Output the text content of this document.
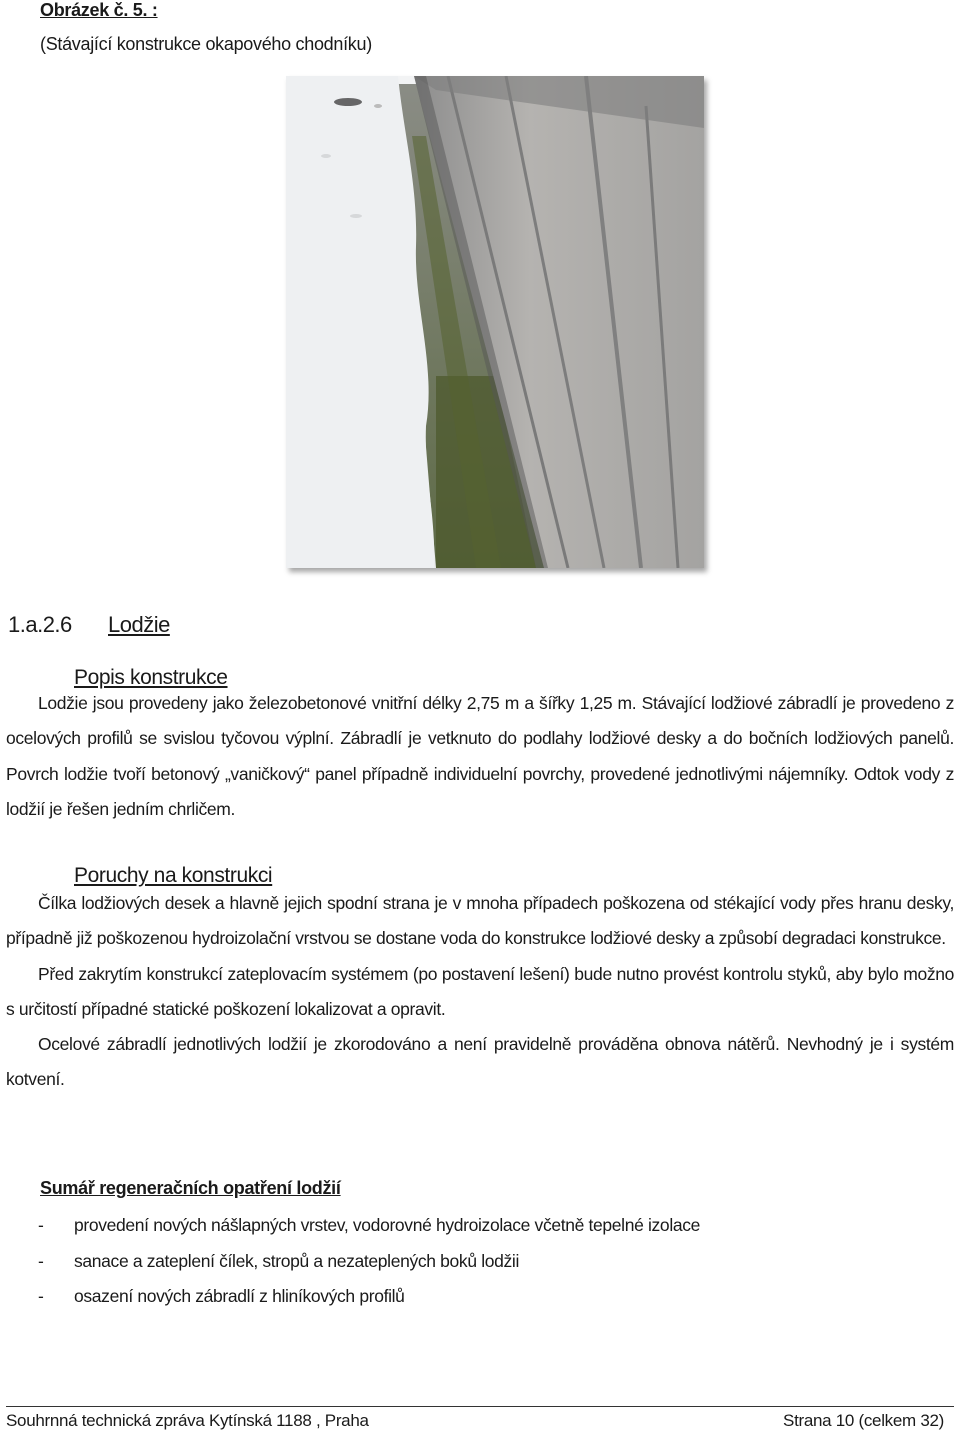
Obrázek č. 5. :
(Stávající konstrukce okapového chodníku)
1.a.2.6 Lodžie
Popis konstrukce

Lodžie jsou provedeny jako železobetonové vnitřní délky 2,75 m a šířky 1,25 m. Stávající lodžiové zábradlí je provedeno z ocelových profilů se svislou tyčovou výplní. Zábradlí je vetknuto do podlahy lodžiové desky a do bočních lodžiových panelů. Povrch lodžie tvoří betonový „vaničkový“ panel případně individuelní povrchy, provedené jednotlivými nájemníky. Odtok vody z lodžií je řešen jedním chrličem.

Poruchy na konstrukci

Čílka lodžiových desek a hlavně jejich spodní strana je v mnoha případech poškozena od stékající vody přes hranu desky, případně již poškozenou hydroizolační vrstvou se dostane voda do konstrukce lodžiové desky a způsobí degradaci konstrukce.

Před zakrytím konstrukcí zateplovacím systémem (po postavení lešení) bude nutno provést kontrolu styků, aby bylo možno s určitostí případné statické poškození lokalizovat a opravit.

Ocelové zábradlí jednotlivých lodžií je zkorodováno a není pravidelně prováděna obnova nátěrů. Nevhodný je i systém kotvení.

Sumář regeneračních opatření lodžií
- provedení nových nášlapných vrstev, vodorovné hydroizolace včetně tepelné izolace
- sanace a zateplení čílek, stropů a nezateplených boků lodžii
- osazení nových zábradlí z hliníkových profilů
Souhrnná technická zpráva Kytínská 1188 , Praha	Strana 10 (celkem 32)
